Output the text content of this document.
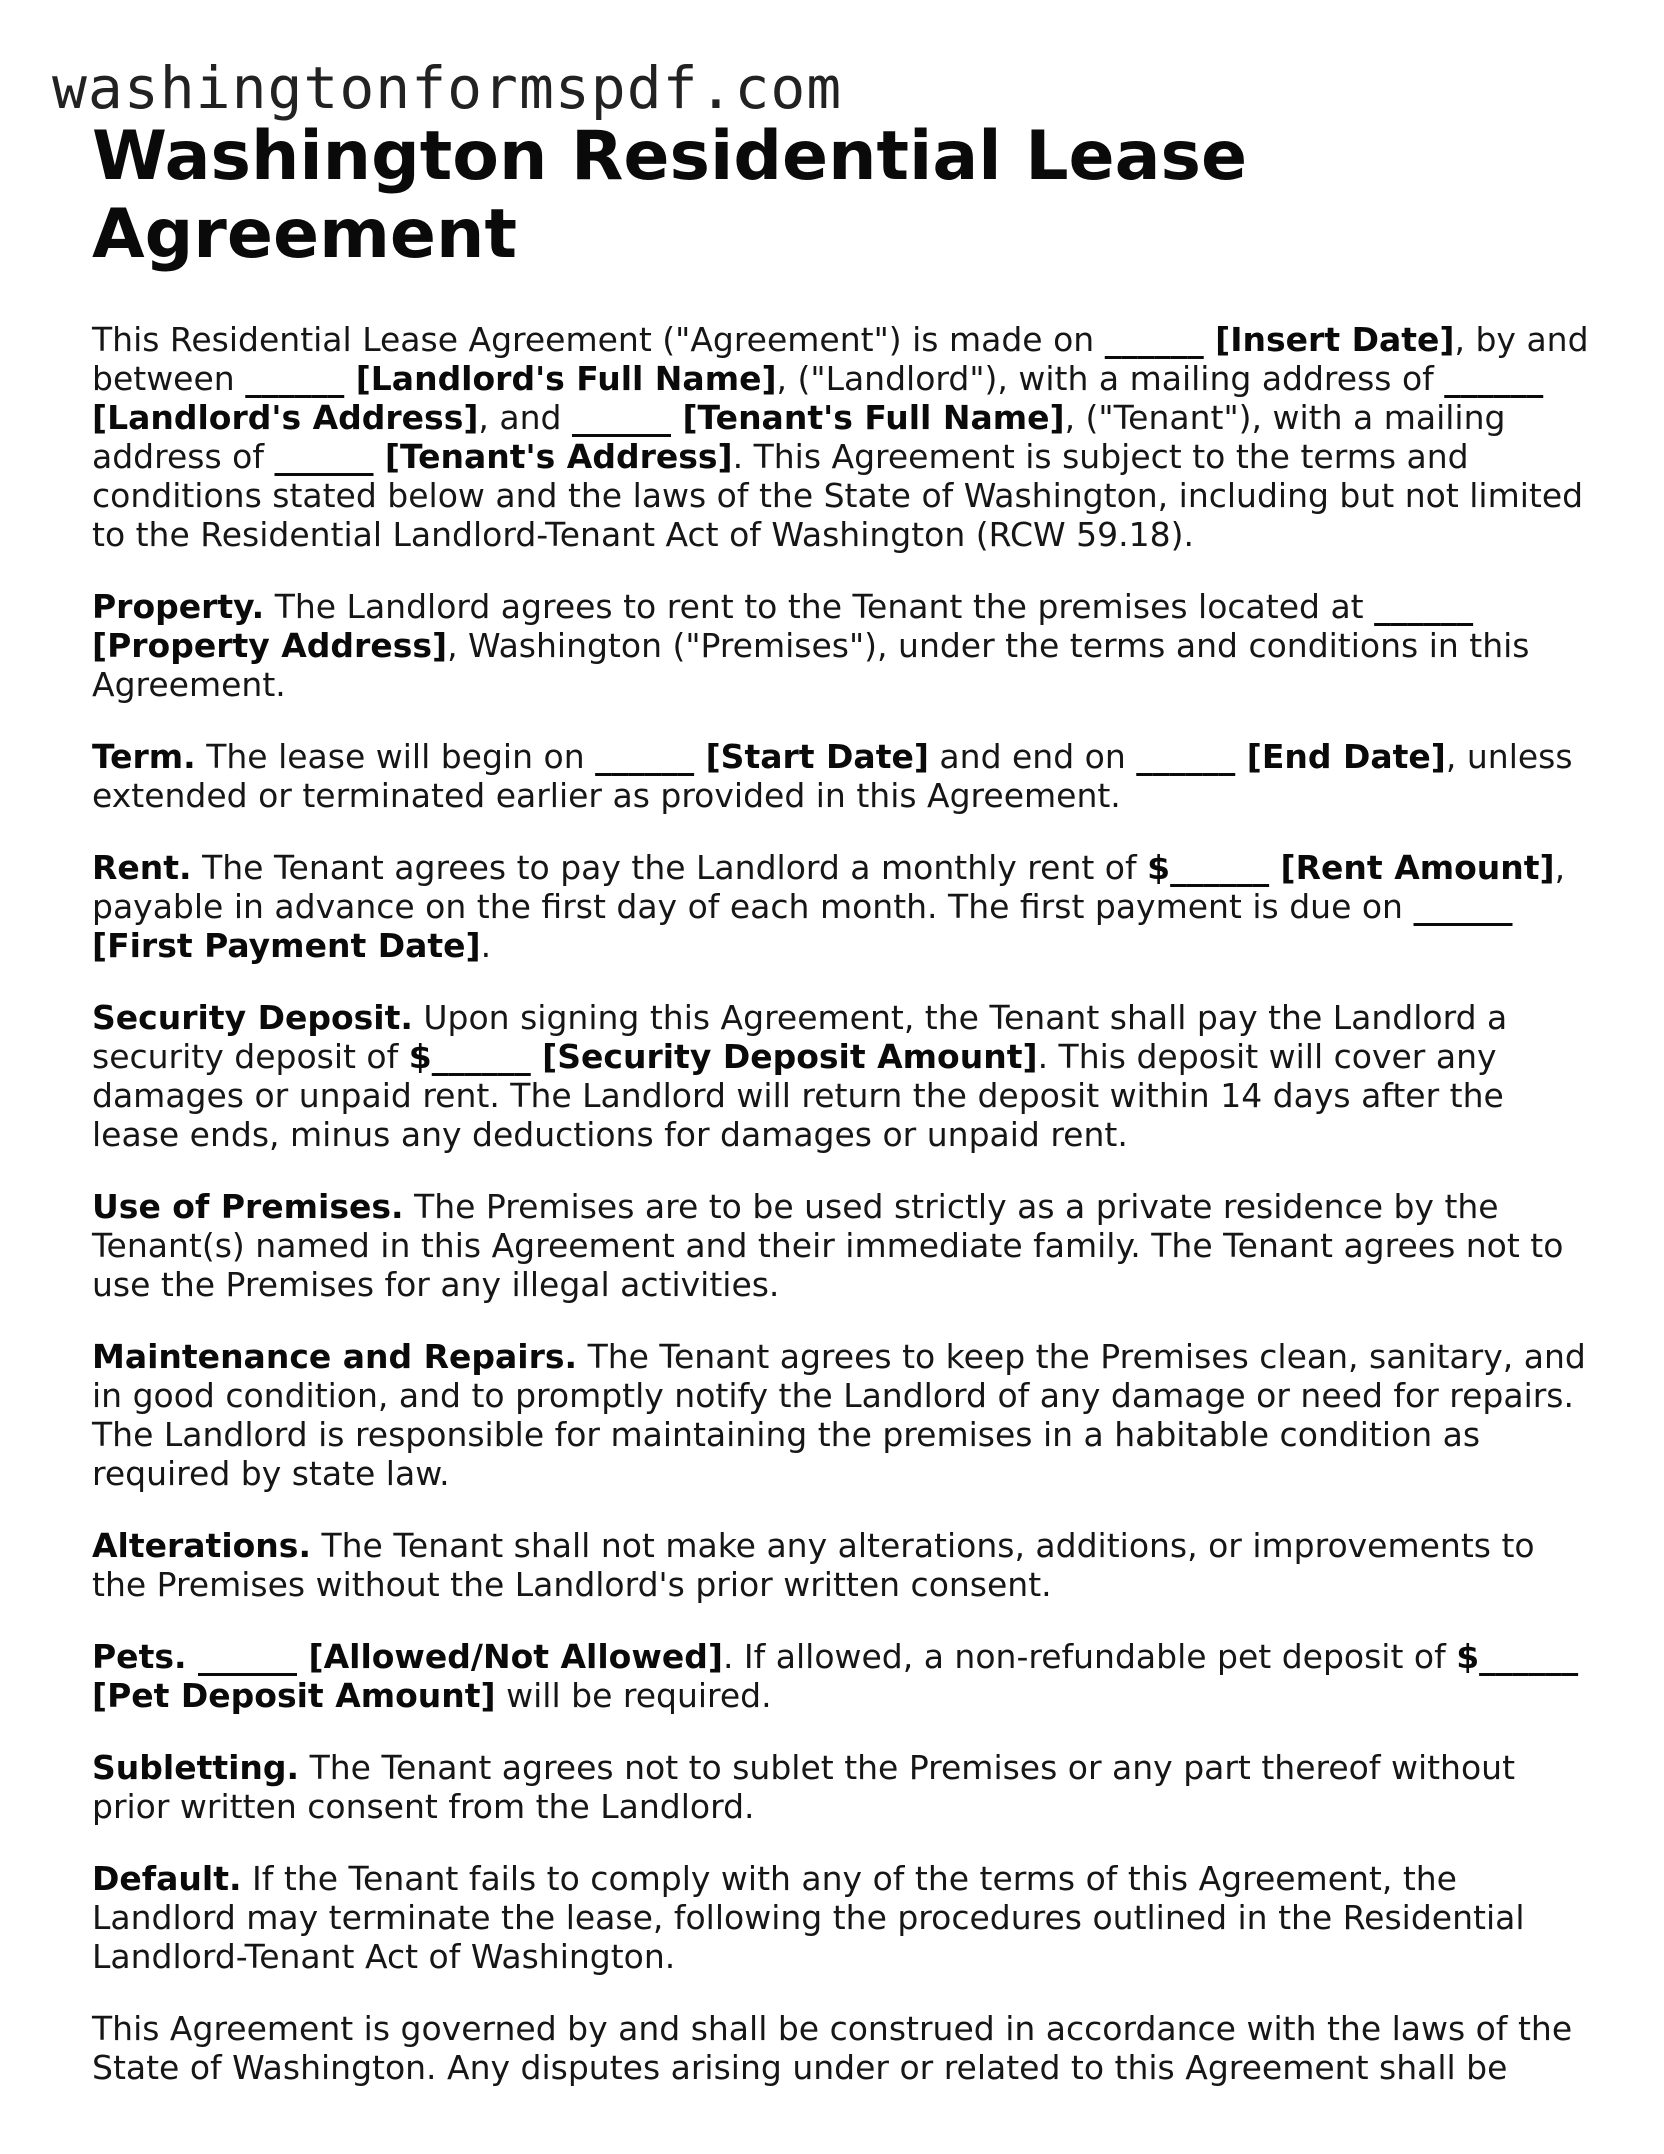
washingtonformspdf.com
Washington Residential Lease Agreement

This Residential Lease Agreement ("Agreement") is made on ______ [Insert Date], by and between ______ [Landlord's Full Name], ("Landlord"), with a mailing address of ______ [Landlord's Address], and ______ [Tenant's Full Name], ("Tenant"), with a mailing address of ______ [Tenant's Address]. This Agreement is subject to the terms and conditions stated below and the laws of the State of Washington, including but not limited to the Residential Landlord-Tenant Act of Washington (RCW 59.18).

Property. The Landlord agrees to rent to the Tenant the premises located at ______ [Property Address], Washington ("Premises"), under the terms and conditions in this Agreement.

Term. The lease will begin on ______ [Start Date] and end on ______ [End Date], unless extended or terminated earlier as provided in this Agreement.

Rent. The Tenant agrees to pay the Landlord a monthly rent of $______ [Rent Amount], payable in advance on the first day of each month. The first payment is due on ______ [First Payment Date].

Security Deposit. Upon signing this Agreement, the Tenant shall pay the Landlord a security deposit of $______ [Security Deposit Amount]. This deposit will cover any damages or unpaid rent. The Landlord will return the deposit within 14 days after the lease ends, minus any deductions for damages or unpaid rent.

Use of Premises. The Premises are to be used strictly as a private residence by the Tenant(s) named in this Agreement and their immediate family. The Tenant agrees not to use the Premises for any illegal activities.

Maintenance and Repairs. The Tenant agrees to keep the Premises clean, sanitary, and in good condition, and to promptly notify the Landlord of any damage or need for repairs. The Landlord is responsible for maintaining the premises in a habitable condition as required by state law.

Alterations. The Tenant shall not make any alterations, additions, or improvements to the Premises without the Landlord's prior written consent.

Pets. ______ [Allowed/Not Allowed]. If allowed, a non-refundable pet deposit of $______ [Pet Deposit Amount] will be required.

Subletting. The Tenant agrees not to sublet the Premises or any part thereof without prior written consent from the Landlord.

Default. If the Tenant fails to comply with any of the terms of this Agreement, the Landlord may terminate the lease, following the procedures outlined in the Residential Landlord-Tenant Act of Washington.

This Agreement is governed by and shall be construed in accordance with the laws of the State of Washington. Any disputes arising under or related to this Agreement shall be
